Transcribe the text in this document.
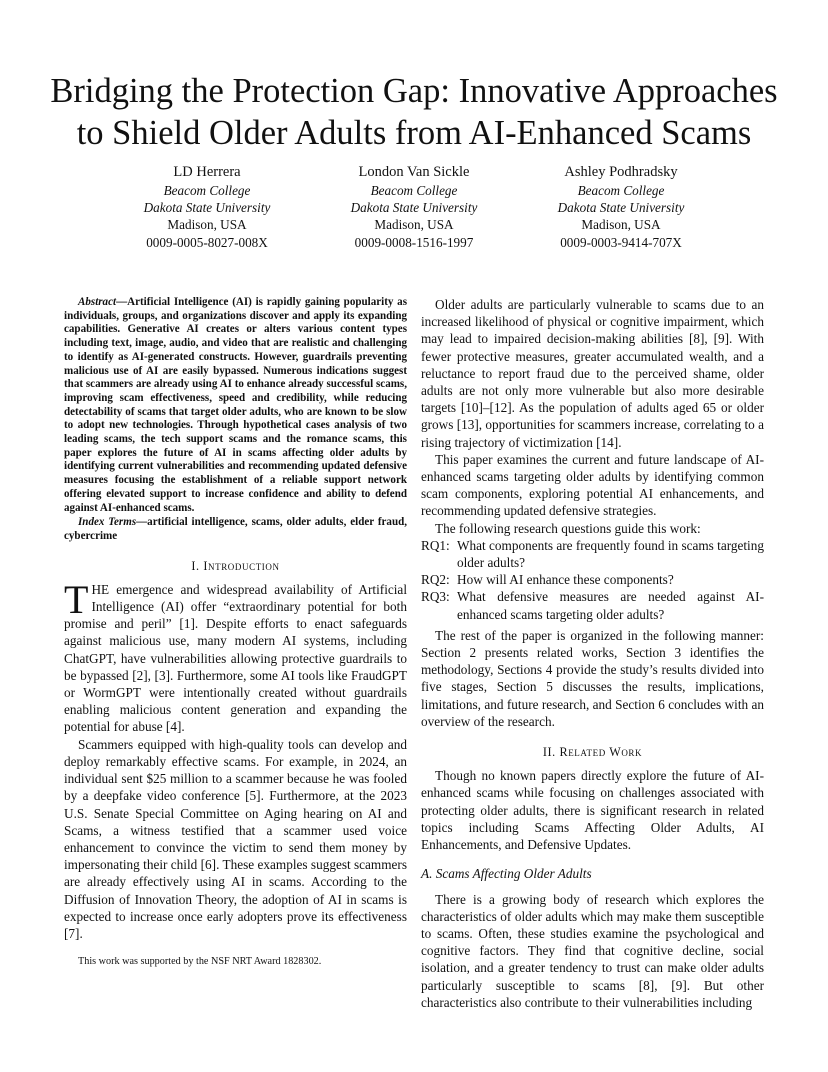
Bridging the Protection Gap: Innovative Approaches to Shield Older Adults from AI-Enhanced Scams
LD Herrera
Beacom College
Dakota State University
Madison, USA
0009-0005-8027-008X
London Van Sickle
Beacom College
Dakota State University
Madison, USA
0009-0008-1516-1997
Ashley Podhradsky
Beacom College
Dakota State University
Madison, USA
0009-0003-9414-707X

Abstract—Artificial Intelligence (AI) is rapidly gaining popularity as individuals, groups, and organizations discover and apply its expanding capabilities. Generative AI creates or alters various content types including text, image, audio, and video that are realistic and challenging to identify as AI-generated constructs. However, guardrails preventing malicious use of AI are easily bypassed. Numerous indications suggest that scammers are already using AI to enhance already successful scams, improving scam effectiveness, speed and credibility, while reducing detectability of scams that target older adults, who are known to be slow to adopt new technologies. Through hypothetical cases analysis of two leading scams, the tech support scams and the romance scams, this paper explores the future of AI in scams affecting older adults by identifying current vulnerabilities and recommending updated defensive measures focusing the establishment of a reliable support network offering elevated support to increase confidence and ability to defend against AI-enhanced scams.

Index Terms—artificial intelligence, scams, older adults, elder fraud, cybercrime

I. Introduction

THE emergence and widespread availability of Artificial Intelligence (AI) offer “extraordinary potential for both promise and peril” [1]. Despite efforts to enact safeguards against malicious use, many modern AI systems, including ChatGPT, have vulnerabilities allowing protective guardrails to be bypassed [2], [3]. Furthermore, some AI tools like FraudGPT or WormGPT were intentionally created without guardrails enabling malicious content generation and expanding the potential for abuse [4].

Scammers equipped with high-quality tools can develop and deploy remarkably effective scams. For example, in 2024, an individual sent $25 million to a scammer because he was fooled by a deepfake video conference [5]. Furthermore, at the 2023 U.S. Senate Special Committee on Aging hearing on AI and Scams, a witness testified that a scammer used voice enhancement to convince the victim to send them money by impersonating their child [6]. These examples suggest scammers are already effectively using AI in scams. According to the Diffusion of Innovation Theory, the adoption of AI in scams is expected to increase once early adopters prove its effectiveness [7].

This work was supported by the NSF NRT Award 1828302.

Older adults are particularly vulnerable to scams due to an increased likelihood of physical or cognitive impairment, which may lead to impaired decision-making abilities [8], [9]. With fewer protective measures, greater accumulated wealth, and a reluctance to report fraud due to the perceived shame, older adults are not only more vulnerable but also more desirable targets [10]–[12]. As the population of adults aged 65 or older grows [13], opportunities for scammers increase, correlating to a rising trajectory of victimization [14].

This paper examines the current and future landscape of AI-enhanced scams targeting older adults by identifying common scam components, exploring potential AI enhancements, and recommending updated defensive strategies.

The following research questions guide this work:

RQ1: What components are frequently found in scams targeting older adults?
RQ2: How will AI enhance these components?
RQ3: What defensive measures are needed against AI-enhanced scams targeting older adults?

The rest of the paper is organized in the following manner: Section 2 presents related works, Section 3 identifies the methodology, Sections 4 provide the study’s results divided into five stages, Section 5 discusses the results, implications, limitations, and future research, and Section 6 concludes with an overview of the research.

II. Related Work

Though no known papers directly explore the future of AI-enhanced scams while focusing on challenges associated with protecting older adults, there is significant research in related topics including Scams Affecting Older Adults, AI Enhancements, and Defensive Updates.

A. Scams Affecting Older Adults

There is a growing body of research which explores the characteristics of older adults which may make them susceptible to scams. Often, these studies examine the psychological and cognitive factors. They find that cognitive decline, social isolation, and a greater tendency to trust can make older adults particularly susceptible to scams [8], [9]. But other characteristics also contribute to their vulnerabilities including
